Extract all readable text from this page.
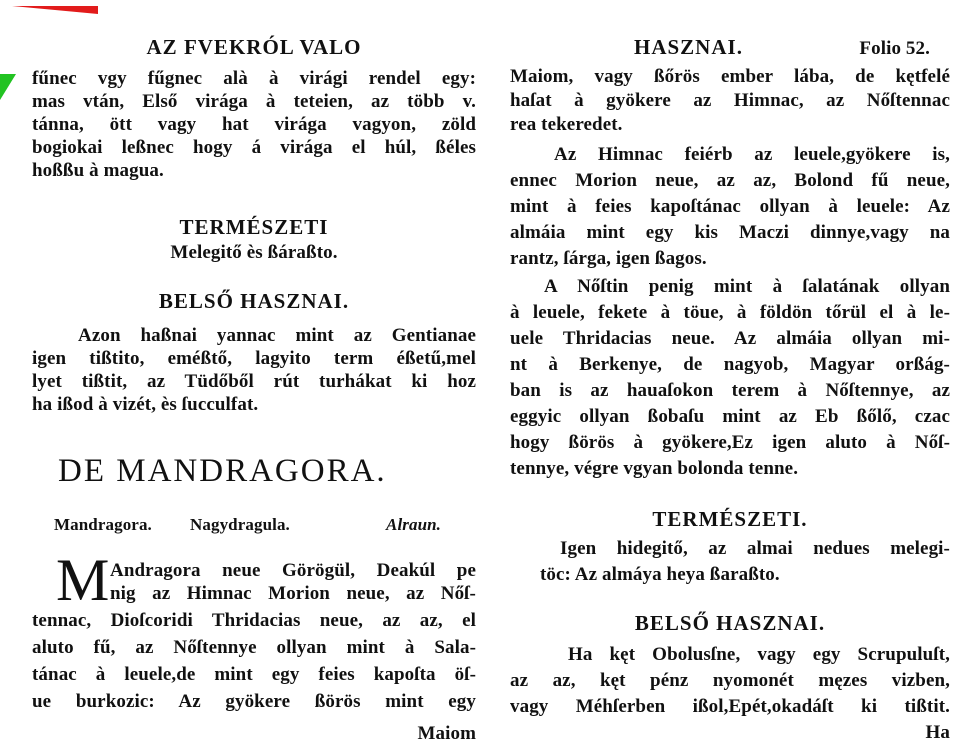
AZ FVEKRÓL VALO
fűnec vgy fűgnec alà à virági rendel egy:
mas vtán, Első virága à teteien, az több v.
tánna, ött vagy hat virága vagyon, zöld
bogiokai leßnec hogy á virága el húl, ßéles
hoßßu à magua.
TERMÉSZETI
Melegitő ès ßáraßto.
BELSŐ HASZNAI.
Azon haßnai yannac mint az Gentianae
igen tißtito, eméßtő, lagyito term éßetű,mel
lyet tißtit, az Tüdőből rút turhákat ki hoz
ha ißod à vizét, ès ſucculfat.
DE MANDRAGORA.
Mandragora. Nagydragula.	Alraun.
M Andragora neue Görögül, Deakúl pe
nig az Himnac Morion neue, az Nőſ-
tennac, Dioſcoridi Thridacias neue, az az, el
aluto fű, az Nőſtennye ollyan mint à Sala-
tánac à leuele,de mint egy feies kapoſta öſ-
ue burkozic: Az gyökere ßörös mint egy
Maiom
HASZNAI.	Folio 52.
Maiom, vagy ßőrös ember lába, de kętfelé
haſat à gyökere az Himnac, az Nőſtennac
rea tekeredet.
Az Himnac feiérb az leuele,gyökere is,
ennec Morion neue, az az, Bolond fű neue,
mint à feies kapoſtánac ollyan à leuele: Az
almáia mint egy kis Maczi dinnye,vagy na
rantz, ſárga, igen ßagos.
A Nőſtin penig mint à ſalatának ollyan
à leuele, fekete à töue, à földön tőrül el à le-
uele Thridacias neue. Az almáia ollyan mi-
nt à Berkenye, de nagyob, Magyar orßág-
ban is az hauaſokon terem à Nőſtennye, az
eggyic ollyan ßobaſu mint az Eb ßőlő, czac
hogy ßörös à gyökere,Ez igen aluto à Nőſ-
tennye, végre vgyan bolonda tenne.
TERMÉSZETI.
Igen hidegitő, az almai nedues melegi-
töc: Az almáya heya ßaraßto.
BELSŐ HASZNAI.
Ha kęt Obolusſne, vagy egy Scrupuluſt,
az az, kęt pénz nyomonét męzes vizben,
vagy Méhſerben ißol,Epét,okadáſt ki tißtit.
Ha
